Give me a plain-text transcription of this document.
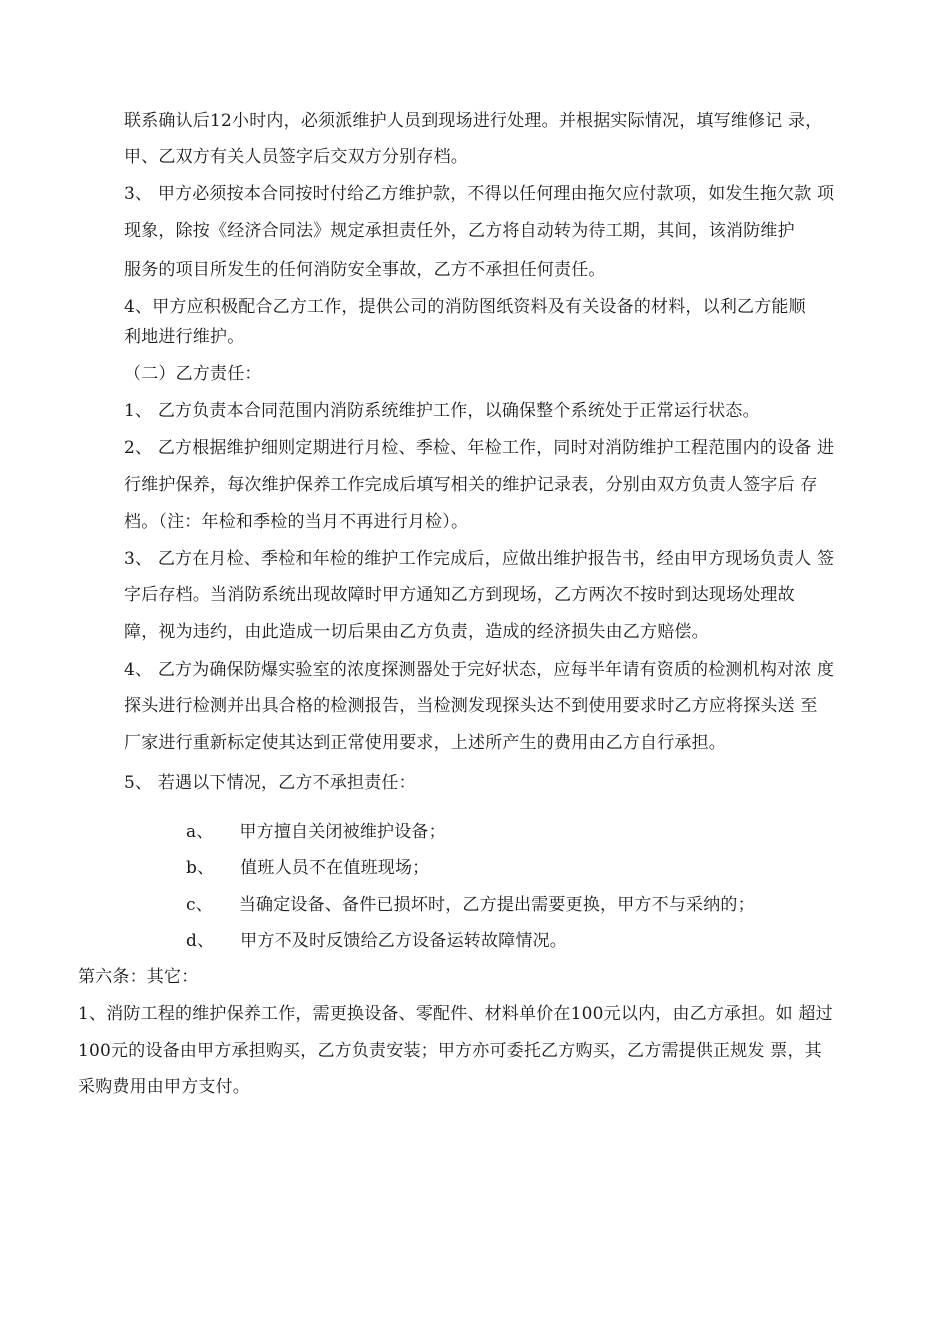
联系确认后12小时内，必须派维护人员到现场进行处理。并根据实际情况，填写维修记 录，
甲、乙双方有关人员签字后交双方分别存档。
3、 甲方必须按本合同按时付给乙方维护款，不得以任何理由拖欠应付款项，如发生拖欠款 项
现象，除按《经济合同法》规定承担责任外，乙方将自动转为待工期，其间，该消防维护
服务的项目所发生的任何消防安全事故，乙方不承担任何责任。
4、甲方应积极配合乙方工作，提供公司的消防图纸资料及有关设备的材料，以利乙方能顺
利地进行维护。
（二）乙方责任：
1、 乙方负责本合同范围内消防系统维护工作，以确保整个系统处于正常运行状态。
2、 乙方根据维护细则定期进行月检、季检、年检工作，同时对消防维护工程范围内的设备 进
行维护保养，每次维护保养工作完成后填写相关的维护记录表，分别由双方负责人签字后 存
档。（注：年检和季检的当月不再进行月检）。
3、 乙方在月检、季检和年检的维护工作完成后，应做出维护报告书，经由甲方现场负责人 签
字后存档。当消防系统出现故障时甲方通知乙方到现场，乙方两次不按时到达现场处理故
障，视为违约，由此造成一切后果由乙方负责，造成的经济损失由乙方赔偿。
4、 乙方为确保防爆实验室的浓度探测器处于完好状态，应每半年请有资质的检测机构对浓 度
探头进行检测并出具合格的检测报告，当检测发现探头达不到使用要求时乙方应将探头送 至
厂家进行重新标定使其达到正常使用要求，上述所产生的费用由乙方自行承担。
5、 若遇以下情况，乙方不承担责任：
a、　　甲方擅自关闭被维护设备；
b、　　值班人员不在值班现场；
c、　　当确定设备、备件已损坏时，乙方提出需要更换，甲方不与采纳的；
d、　　甲方不及时反馈给乙方设备运转故障情况。
第六条：其它：
1、消防工程的维护保养工作，需更换设备、零配件、材料单价在100元以内，由乙方承担。如 超过
100元的设备由甲方承担购买，乙方负责安装；甲方亦可委托乙方购买，乙方需提供正规发 票，其
采购费用由甲方支付。
